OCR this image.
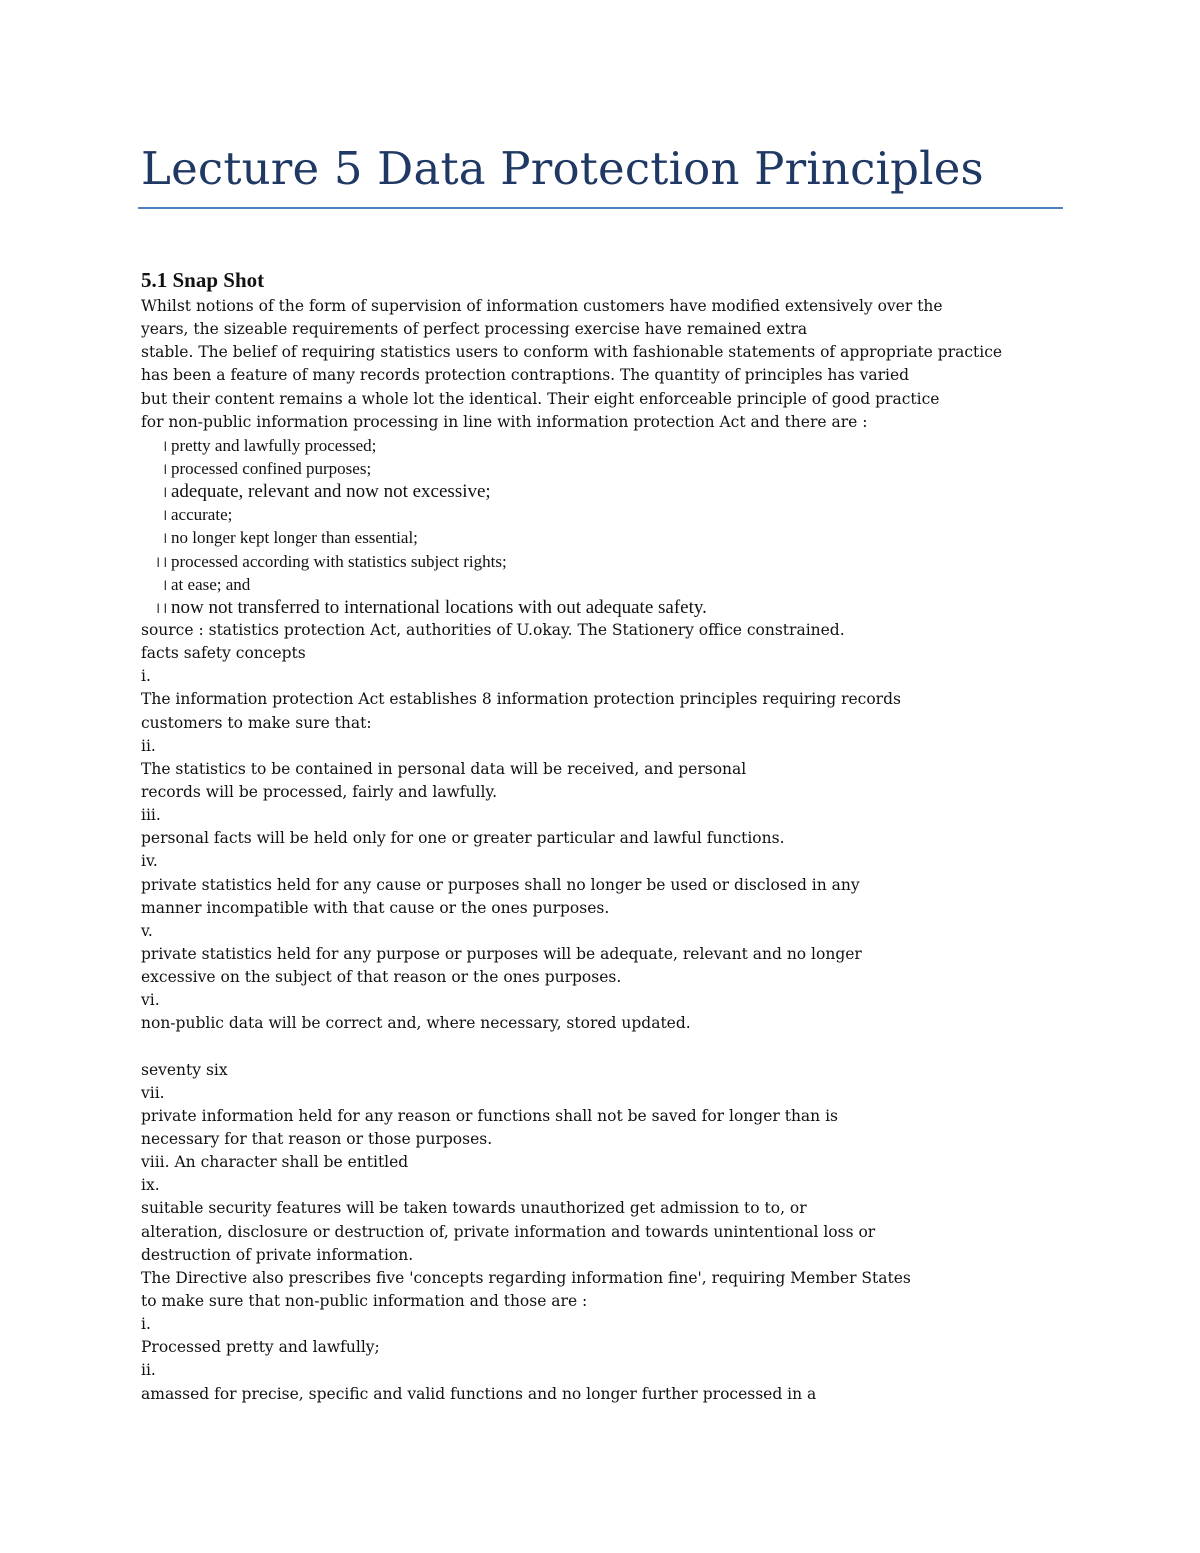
Lecture 5 Data Protection Principles
5.1 Snap Shot
Whilst notions of the form of supervision of information customers have modified extensively over the
years, the sizeable requirements of perfect processing exercise have remained extra
stable. The belief of requiring statistics users to conform with fashionable statements of appropriate practice
has been a feature of many records protection contraptions. The quantity of principles has varied
but their content remains a whole lot the identical. Their eight enforceable principle of good practice
for non-public information processing in line with information protection Act and there are :
l pretty and lawfully processed;
l processed confined purposes;
l adequate, relevant and now not excessive;
l accurate;
l no longer kept longer than essential;
l l processed according with statistics subject rights;
l at ease; and
l l now not transferred to international locations with out adequate safety.
source : statistics protection Act, authorities of U.okay. The Stationery office constrained.
facts safety concepts
i.
The information protection Act establishes 8 information protection principles requiring records
customers to make sure that:
ii.
The statistics to be contained in personal data will be received, and personal
records will be processed, fairly and lawfully.
iii.
personal facts will be held only for one or greater particular and lawful functions.
iv.
private statistics held for any cause or purposes shall no longer be used or disclosed in any
manner incompatible with that cause or the ones purposes.
v.
private statistics held for any purpose or purposes will be adequate, relevant and no longer
excessive on the subject of that reason or the ones purposes.
vi.
non-public data will be correct and, where necessary, stored updated.
seventy six
vii.
private information held for any reason or functions shall not be saved for longer than is
necessary for that reason or those purposes.
viii. An character shall be entitled
ix.
suitable security features will be taken towards unauthorized get admission to to, or
alteration, disclosure or destruction of, private information and towards unintentional loss or
destruction of private information.
The Directive also prescribes five 'concepts regarding information fine', requiring Member States
to make sure that non-public information and those are :
i.
Processed pretty and lawfully;
ii.
amassed for precise, specific and valid functions and no longer further processed in a
